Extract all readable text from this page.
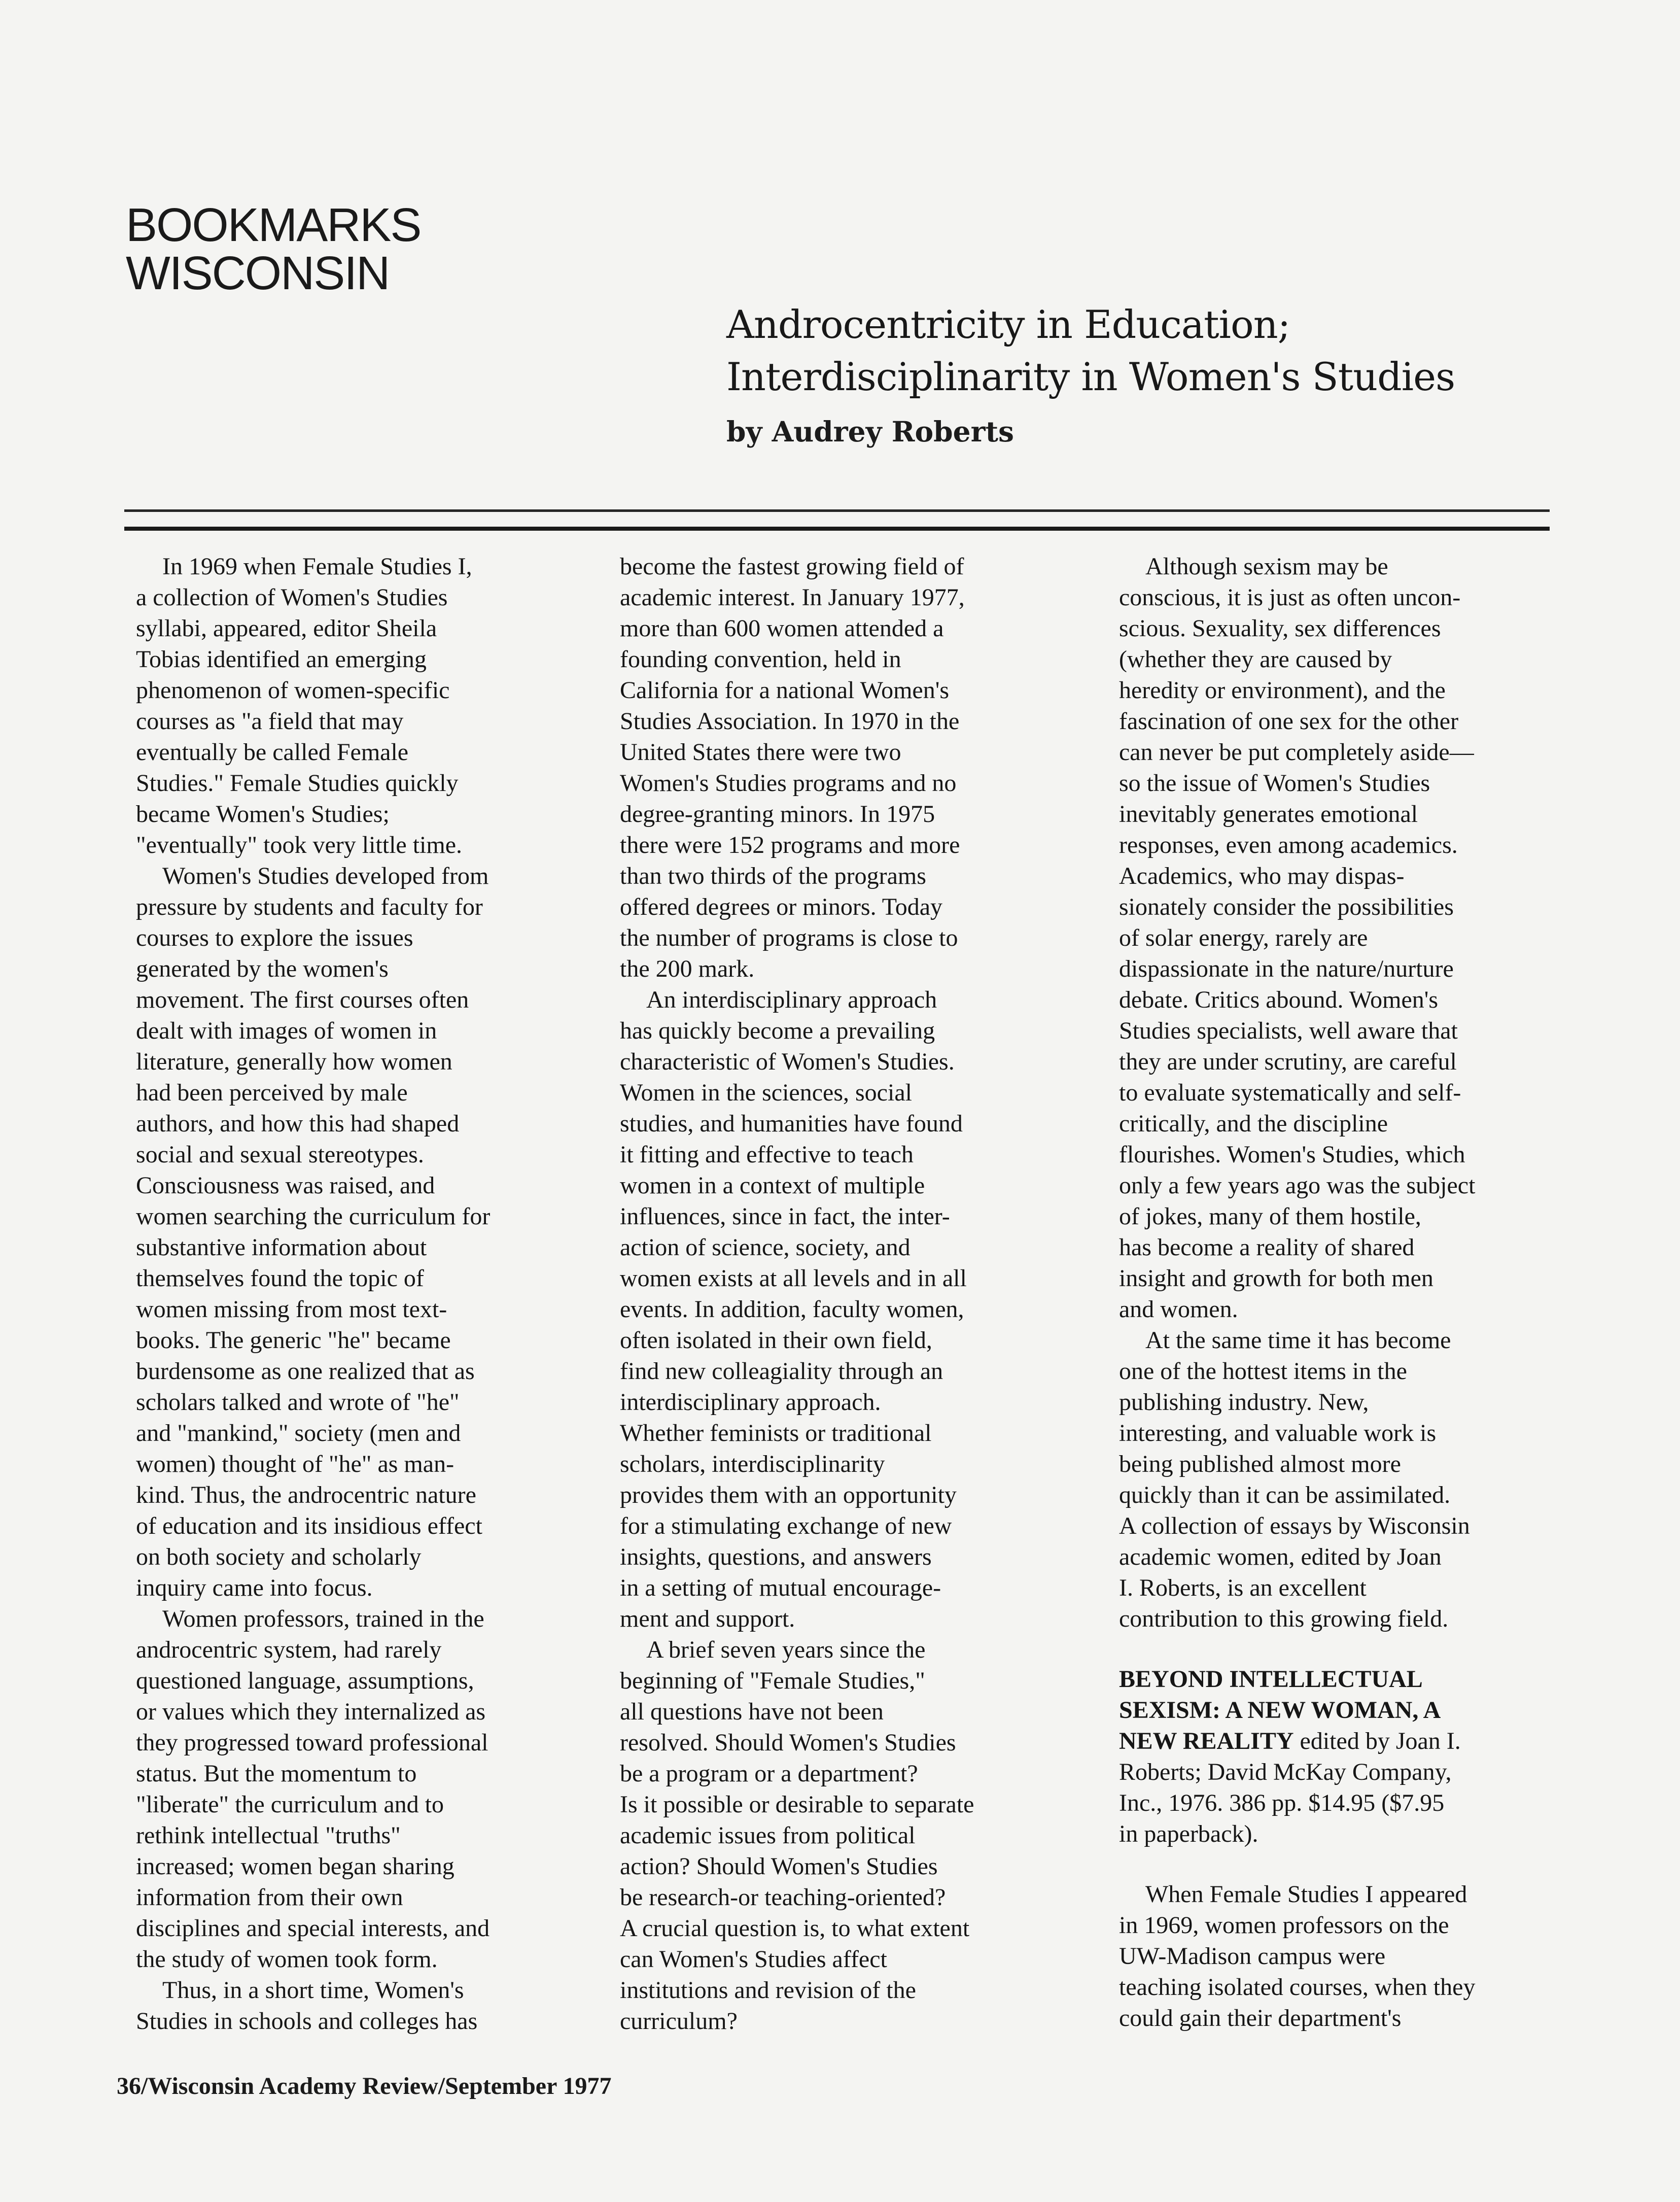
BOOKMARKS
WISCONSIN
Androcentricity in Education;
Interdisciplinarity in Women's Studies
by Audrey Roberts
In 1969 when Female Studies I,
a collection of Women's Studies
syllabi, appeared, editor Sheila
Tobias identified an emerging
phenomenon of women-specific
courses as "a field that may
eventually be called Female
Studies." Female Studies quickly
became Women's Studies;
"eventually" took very little time.
Women's Studies developed from
pressure by students and faculty for
courses to explore the issues
generated by the women's
movement. The first courses often
dealt with images of women in
literature, generally how women
had been perceived by male
authors, and how this had shaped
social and sexual stereotypes.
Consciousness was raised, and
women searching the curriculum for
substantive information about
themselves found the topic of
women missing from most text-
books. The generic "he" became
burdensome as one realized that as
scholars talked and wrote of "he"
and "mankind," society (men and
women) thought of "he" as man-
kind. Thus, the androcentric nature
of education and its insidious effect
on both society and scholarly
inquiry came into focus.
Women professors, trained in the
androcentric system, had rarely
questioned language, assumptions,
or values which they internalized as
they progressed toward professional
status. But the momentum to
"liberate" the curriculum and to
rethink intellectual "truths"
increased; women began sharing
information from their own
disciplines and special interests, and
the study of women took form.
Thus, in a short time, Women's
Studies in schools and colleges has
become the fastest growing field of
academic interest. In January 1977,
more than 600 women attended a
founding convention, held in
California for a national Women's
Studies Association. In 1970 in the
United States there were two
Women's Studies programs and no
degree-granting minors. In 1975
there were 152 programs and more
than two thirds of the programs
offered degrees or minors. Today
the number of programs is close to
the 200 mark.
An interdisciplinary approach
has quickly become a prevailing
characteristic of Women's Studies.
Women in the sciences, social
studies, and humanities have found
it fitting and effective to teach
women in a context of multiple
influences, since in fact, the inter-
action of science, society, and
women exists at all levels and in all
events. In addition, faculty women,
often isolated in their own field,
find new colleagiality through an
interdisciplinary approach.
Whether feminists or traditional
scholars, interdisciplinarity
provides them with an opportunity
for a stimulating exchange of new
insights, questions, and answers
in a setting of mutual encourage-
ment and support.
A brief seven years since the
beginning of "Female Studies,"
all questions have not been
resolved. Should Women's Studies
be a program or a department?
Is it possible or desirable to separate
academic issues from political
action? Should Women's Studies
be research-or teaching-oriented?
A crucial question is, to what extent
can Women's Studies affect
institutions and revision of the
curriculum?
Although sexism may be
conscious, it is just as often uncon-
scious. Sexuality, sex differences
(whether they are caused by
heredity or environment), and the
fascination of one sex for the other
can never be put completely aside—
so the issue of Women's Studies
inevitably generates emotional
responses, even among academics.
Academics, who may dispas-
sionately consider the possibilities
of solar energy, rarely are
dispassionate in the nature/nurture
debate. Critics abound. Women's
Studies specialists, well aware that
they are under scrutiny, are careful
to evaluate systematically and self-
critically, and the discipline
flourishes. Women's Studies, which
only a few years ago was the subject
of jokes, many of them hostile,
has become a reality of shared
insight and growth for both men
and women.
At the same time it has become
one of the hottest items in the
publishing industry. New,
interesting, and valuable work is
being published almost more
quickly than it can be assimilated.
A collection of essays by Wisconsin
academic women, edited by Joan
I. Roberts, is an excellent
contribution to this growing field.
BEYOND INTELLECTUAL
SEXISM: A NEW WOMAN, A
NEW REALITY edited by Joan I.
Roberts; David McKay Company,
Inc., 1976. 386 pp. $14.95 ($7.95
in paperback).
When Female Studies I appeared
in 1969, women professors on the
UW-Madison campus were
teaching isolated courses, when they
could gain their department's
36/Wisconsin Academy Review/September 1977
